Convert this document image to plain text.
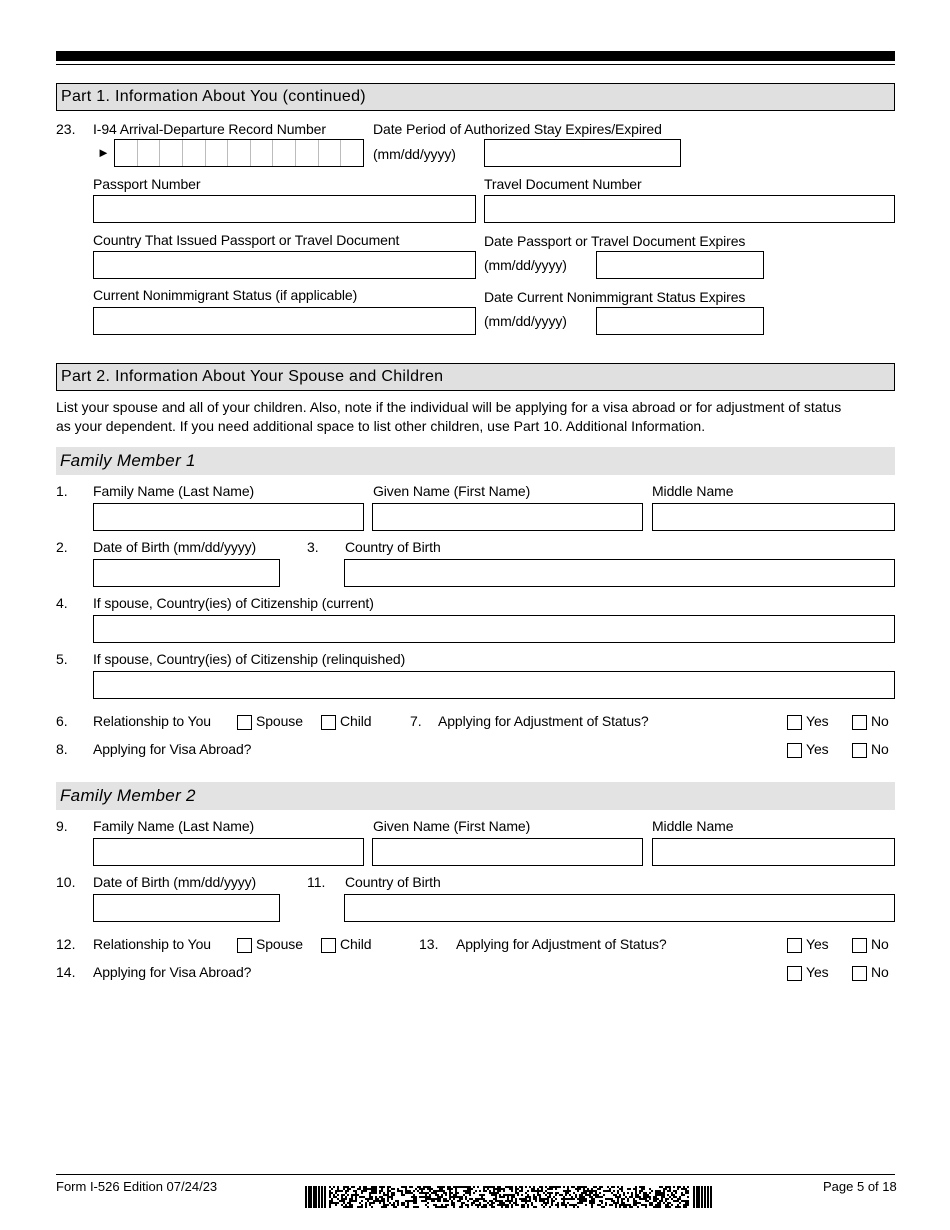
Part 1. Information About You (continued)
23. I-94 Arrival-Departure Record Number
►
Date Period of Authorized Stay Expires/Expired
(mm/dd/yyyy)
Passport Number	Travel Document Number
Country That Issued Passport or Travel Document	Date Passport or Travel Document Expires
(mm/dd/yyyy)
Current Nonimmigrant Status (if applicable)	Date Current Nonimmigrant Status Expires
(mm/dd/yyyy)
Part 2. Information About Your Spouse and Children
List your spouse and all of your children. Also, note if the individual will be applying for a visa abroad or for adjustment of status
as your dependent. If you need additional space to list other children, use Part 10. Additional Information.
Family Member 1
1. Family Name (Last Name)	Given Name (First Name)	Middle Name
2. Date of Birth (mm/dd/yyyy)	3. Country of Birth
4. If spouse, Country(ies) of Citizenship (current)
5. If spouse, Country(ies) of Citizenship (relinquished)
6. Relationship to You	Spouse	Child	7. Applying for Adjustment of Status?	Yes	No
8. Applying for Visa Abroad?	Yes	No
Family Member 2
9. Family Name (Last Name)	Given Name (First Name)	Middle Name
10. Date of Birth (mm/dd/yyyy)	11. Country of Birth
12. Relationship to You	Spouse	Child	13. Applying for Adjustment of Status?	Yes	No
14. Applying for Visa Abroad?	Yes	No
Form I-526 Edition 07/24/23	Page 5 of 18
